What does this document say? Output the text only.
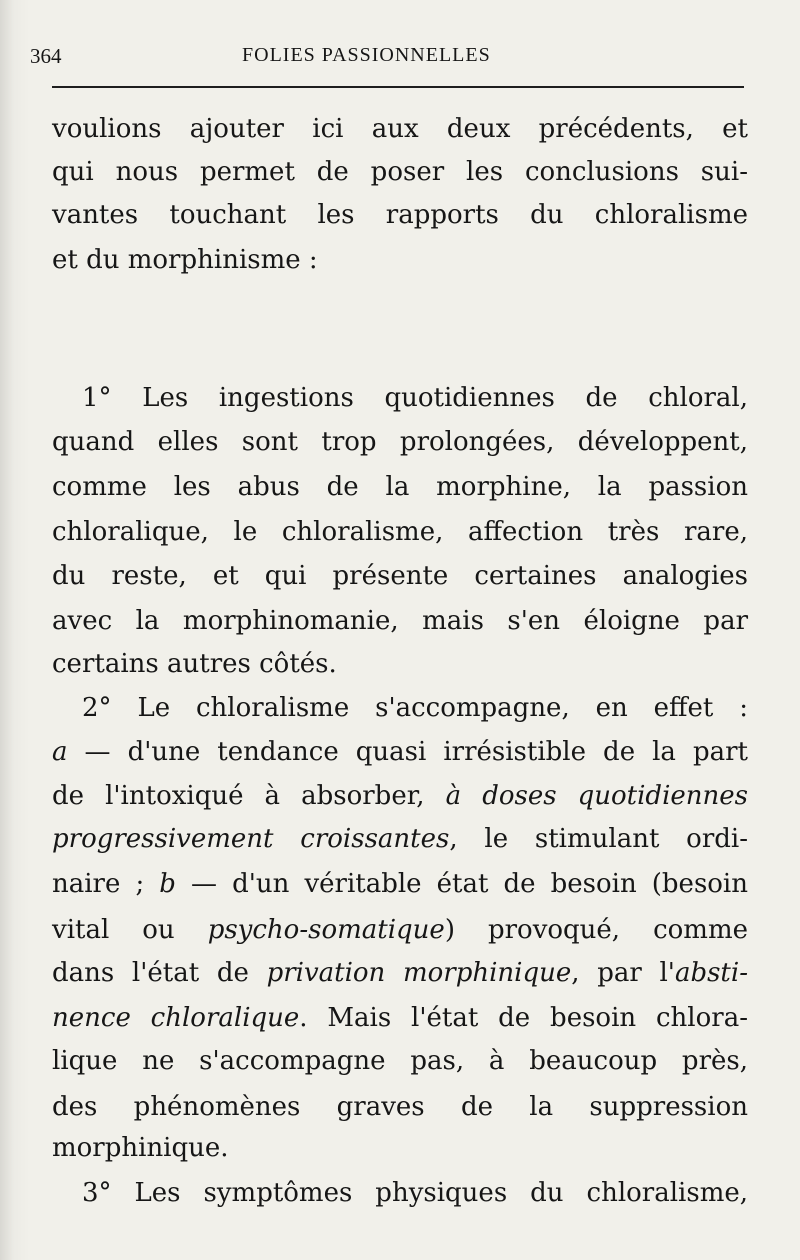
364	FOLIES PASSIONNELLES
voulions ajouter ici aux deux précédents, et
qui nous permet de poser les conclusions sui-
vantes touchant les rapports du chloralisme
et du morphinisme :
1° Les ingestions quotidiennes de chloral,
quand elles sont trop prolongées, développent,
comme les abus de la morphine, la passion
chloralique, le chloralisme, affection très rare,
du reste, et qui présente certaines analogies
avec la morphinomanie, mais s'en éloigne par
certains autres côtés.
2° Le chloralisme s'accompagne, en effet :
a — d'une tendance quasi irrésistible de la part
de l'intoxiqué à absorber, à doses quotidiennes
progressivement croissantes, le stimulant ordi-
naire ; b — d'un véritable état de besoin (besoin
vital ou psycho-somatique) provoqué, comme
dans l'état de privation morphinique, par l'absti-
nence chloralique. Mais l'état de besoin chlora-
lique ne s'accompagne pas, à beaucoup près,
des phénomènes graves de la suppression
morphinique.
3° Les symptômes physiques du chloralisme,
